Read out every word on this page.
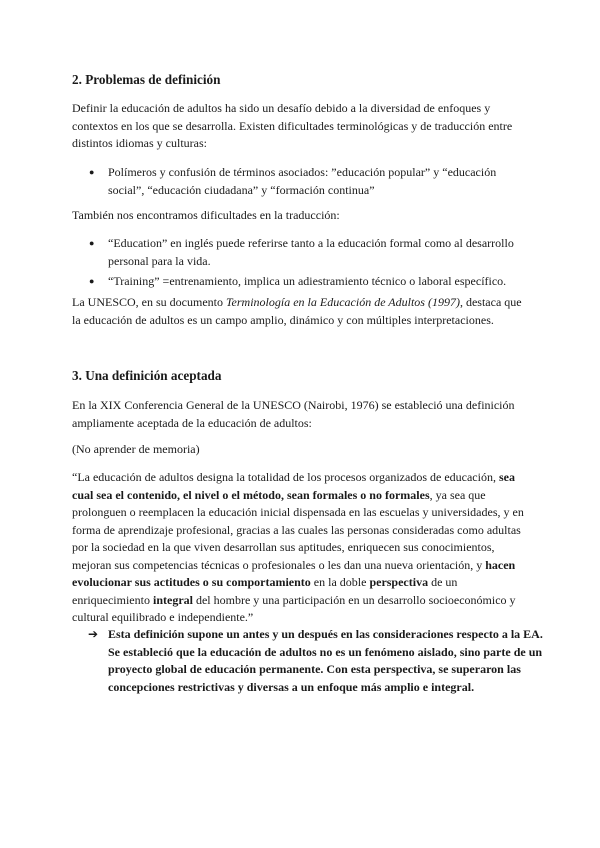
2. Problemas de definición

Definir la educación de adultos ha sido un desafío debido a la diversidad de enfoques y contextos en los que se desarrolla. Existen dificultades terminológicas y de traducción entre distintos idiomas y culturas:

● Polímeros y confusión de términos asociados: ”educación popular” y “educación social”, “educación ciudadana” y “formación continua”

También nos encontramos dificultades en la traducción:

● “Education” en inglés puede referirse tanto a la educación formal como al desarrollo personal para la vida.
● “Training” =entrenamiento, implica un adiestramiento técnico o laboral específico.

La UNESCO, en su documento Terminología en la Educación de Adultos (1997), destaca que la educación de adultos es un campo amplio, dinámico y con múltiples interpretaciones.

3. Una definición aceptada

En la XIX Conferencia General de la UNESCO (Nairobi, 1976) se estableció una definición ampliamente aceptada de la educación de adultos:

(No aprender de memoria)

“La educación de adultos designa la totalidad de los procesos organizados de educación, sea cual sea el contenido, el nivel o el método, sean formales o no formales, ya sea que prolonguen o reemplacen la educación inicial dispensada en las escuelas y universidades, y en forma de aprendizaje profesional, gracias a las cuales las personas consideradas como adultas por la sociedad en la que viven desarrollan sus aptitudes, enriquecen sus conocimientos, mejoran sus competencias técnicas o profesionales o les dan una nueva orientación, y hacen evolucionar sus actitudes o su comportamiento en la doble perspectiva de un enriquecimiento integral del hombre y una participación en un desarrollo socioeconómico y cultural equilibrado e independiente.”

➔ Esta definición supone un antes y un después en las consideraciones respecto a la EA. Se estableció que la educación de adultos no es un fenómeno aislado, sino parte de un proyecto global de educación permanente. Con esta perspectiva, se superaron las concepciones restrictivas y diversas a un enfoque más amplio e integral.
